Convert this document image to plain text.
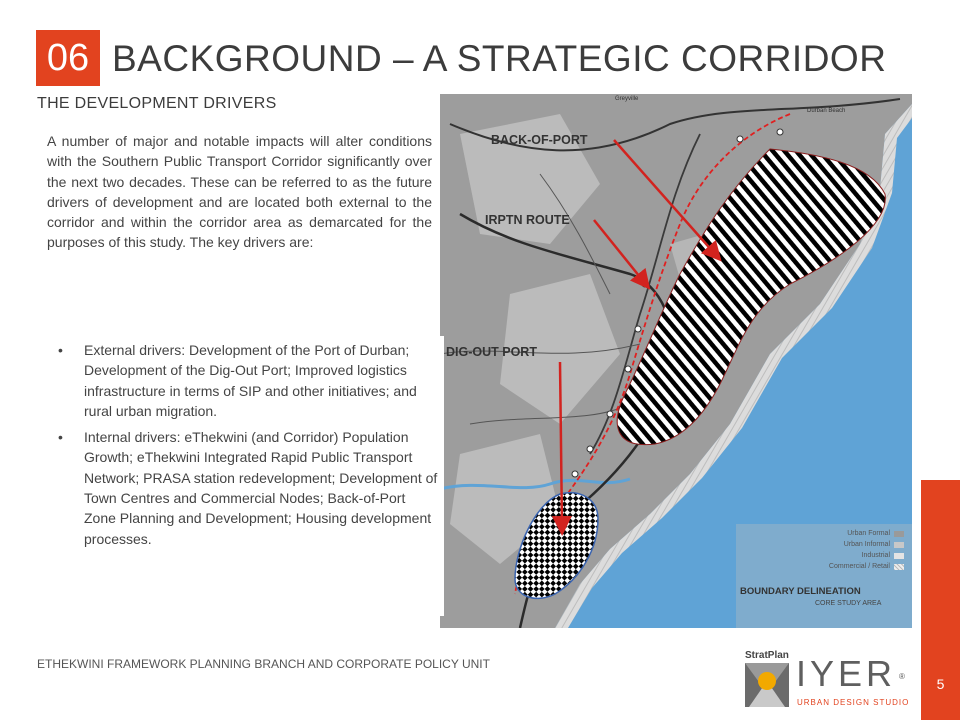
06 BACKGROUND – A STRATEGIC CORRIDOR
THE DEVELOPMENT DRIVERS

A number of major and notable impacts will alter conditions with the Southern Public Transport Corridor significantly over the next two decades. These can be referred to as the future drivers of development and are located both external to the corridor and within the corridor area as demarcated for the purposes of this study. The key drivers are:

Greyville
Durban Beach
BACK-OF-PORT
IRPTN ROUTE
DIG-OUT PORT
Urban Formal
Urban Informal
Industrial
Commercial / Retail
BOUNDARY DELINEATION
CORE STUDY AREA
• External drivers: Development of the Port of Durban; Development of the Dig-Out Port; Improved logistics infrastructure in terms of SIP and other initiatives; and rural urban migration.
• Internal drivers: eThekwini (and Corridor) Population Growth; eThekwini Integrated Rapid Public Transport Network; PRASA station redevelopment; Development of Town Centres and Commercial Nodes; Back-of-Port Zone Planning and Development; Housing development processes.
ETHEKWINI FRAMEWORK PLANNING BRANCH AND CORPORATE POLICY UNIT
StratPlan IYER ®
URBAN DESIGN STUDIO
5
